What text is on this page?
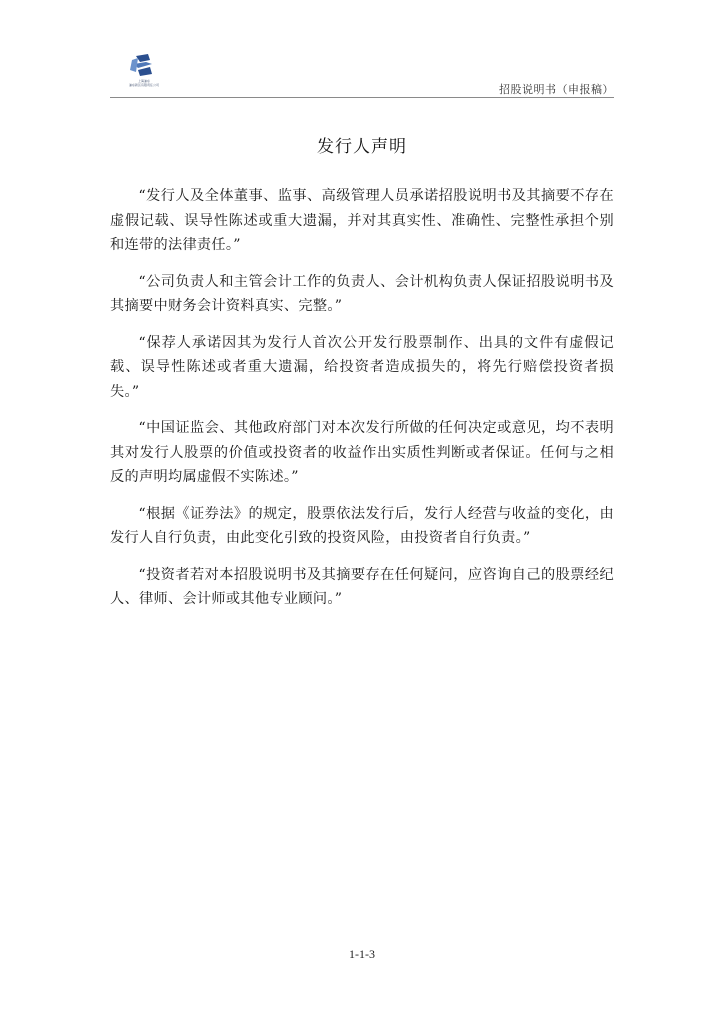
上海浦东
浦东新区有限责任公司	招股说明书（申报稿）
发行人声明

“发行人及全体董事、监事、高级管理人员承诺招股说明书及其摘要不存在虚假记载、误导性陈述或重大遗漏，并对其真实性、准确性、完整性承担个别和连带的法律责任。”

“公司负责人和主管会计工作的负责人、会计机构负责人保证招股说明书及其摘要中财务会计资料真实、完整。”

“保荐人承诺因其为发行人首次公开发行股票制作、出具的文件有虚假记载、误导性陈述或者重大遗漏，给投资者造成损失的，将先行赔偿投资者损失。”

“中国证监会、其他政府部门对本次发行所做的任何决定或意见，均不表明其对发行人股票的价值或投资者的收益作出实质性判断或者保证。任何与之相反的声明均属虚假不实陈述。”

“根据《证券法》的规定，股票依法发行后，发行人经营与收益的变化，由发行人自行负责，由此变化引致的投资风险，由投资者自行负责。”

“投资者若对本招股说明书及其摘要存在任何疑问，应咨询自己的股票经纪人、律师、会计师或其他专业顾问。”

1-1-3
